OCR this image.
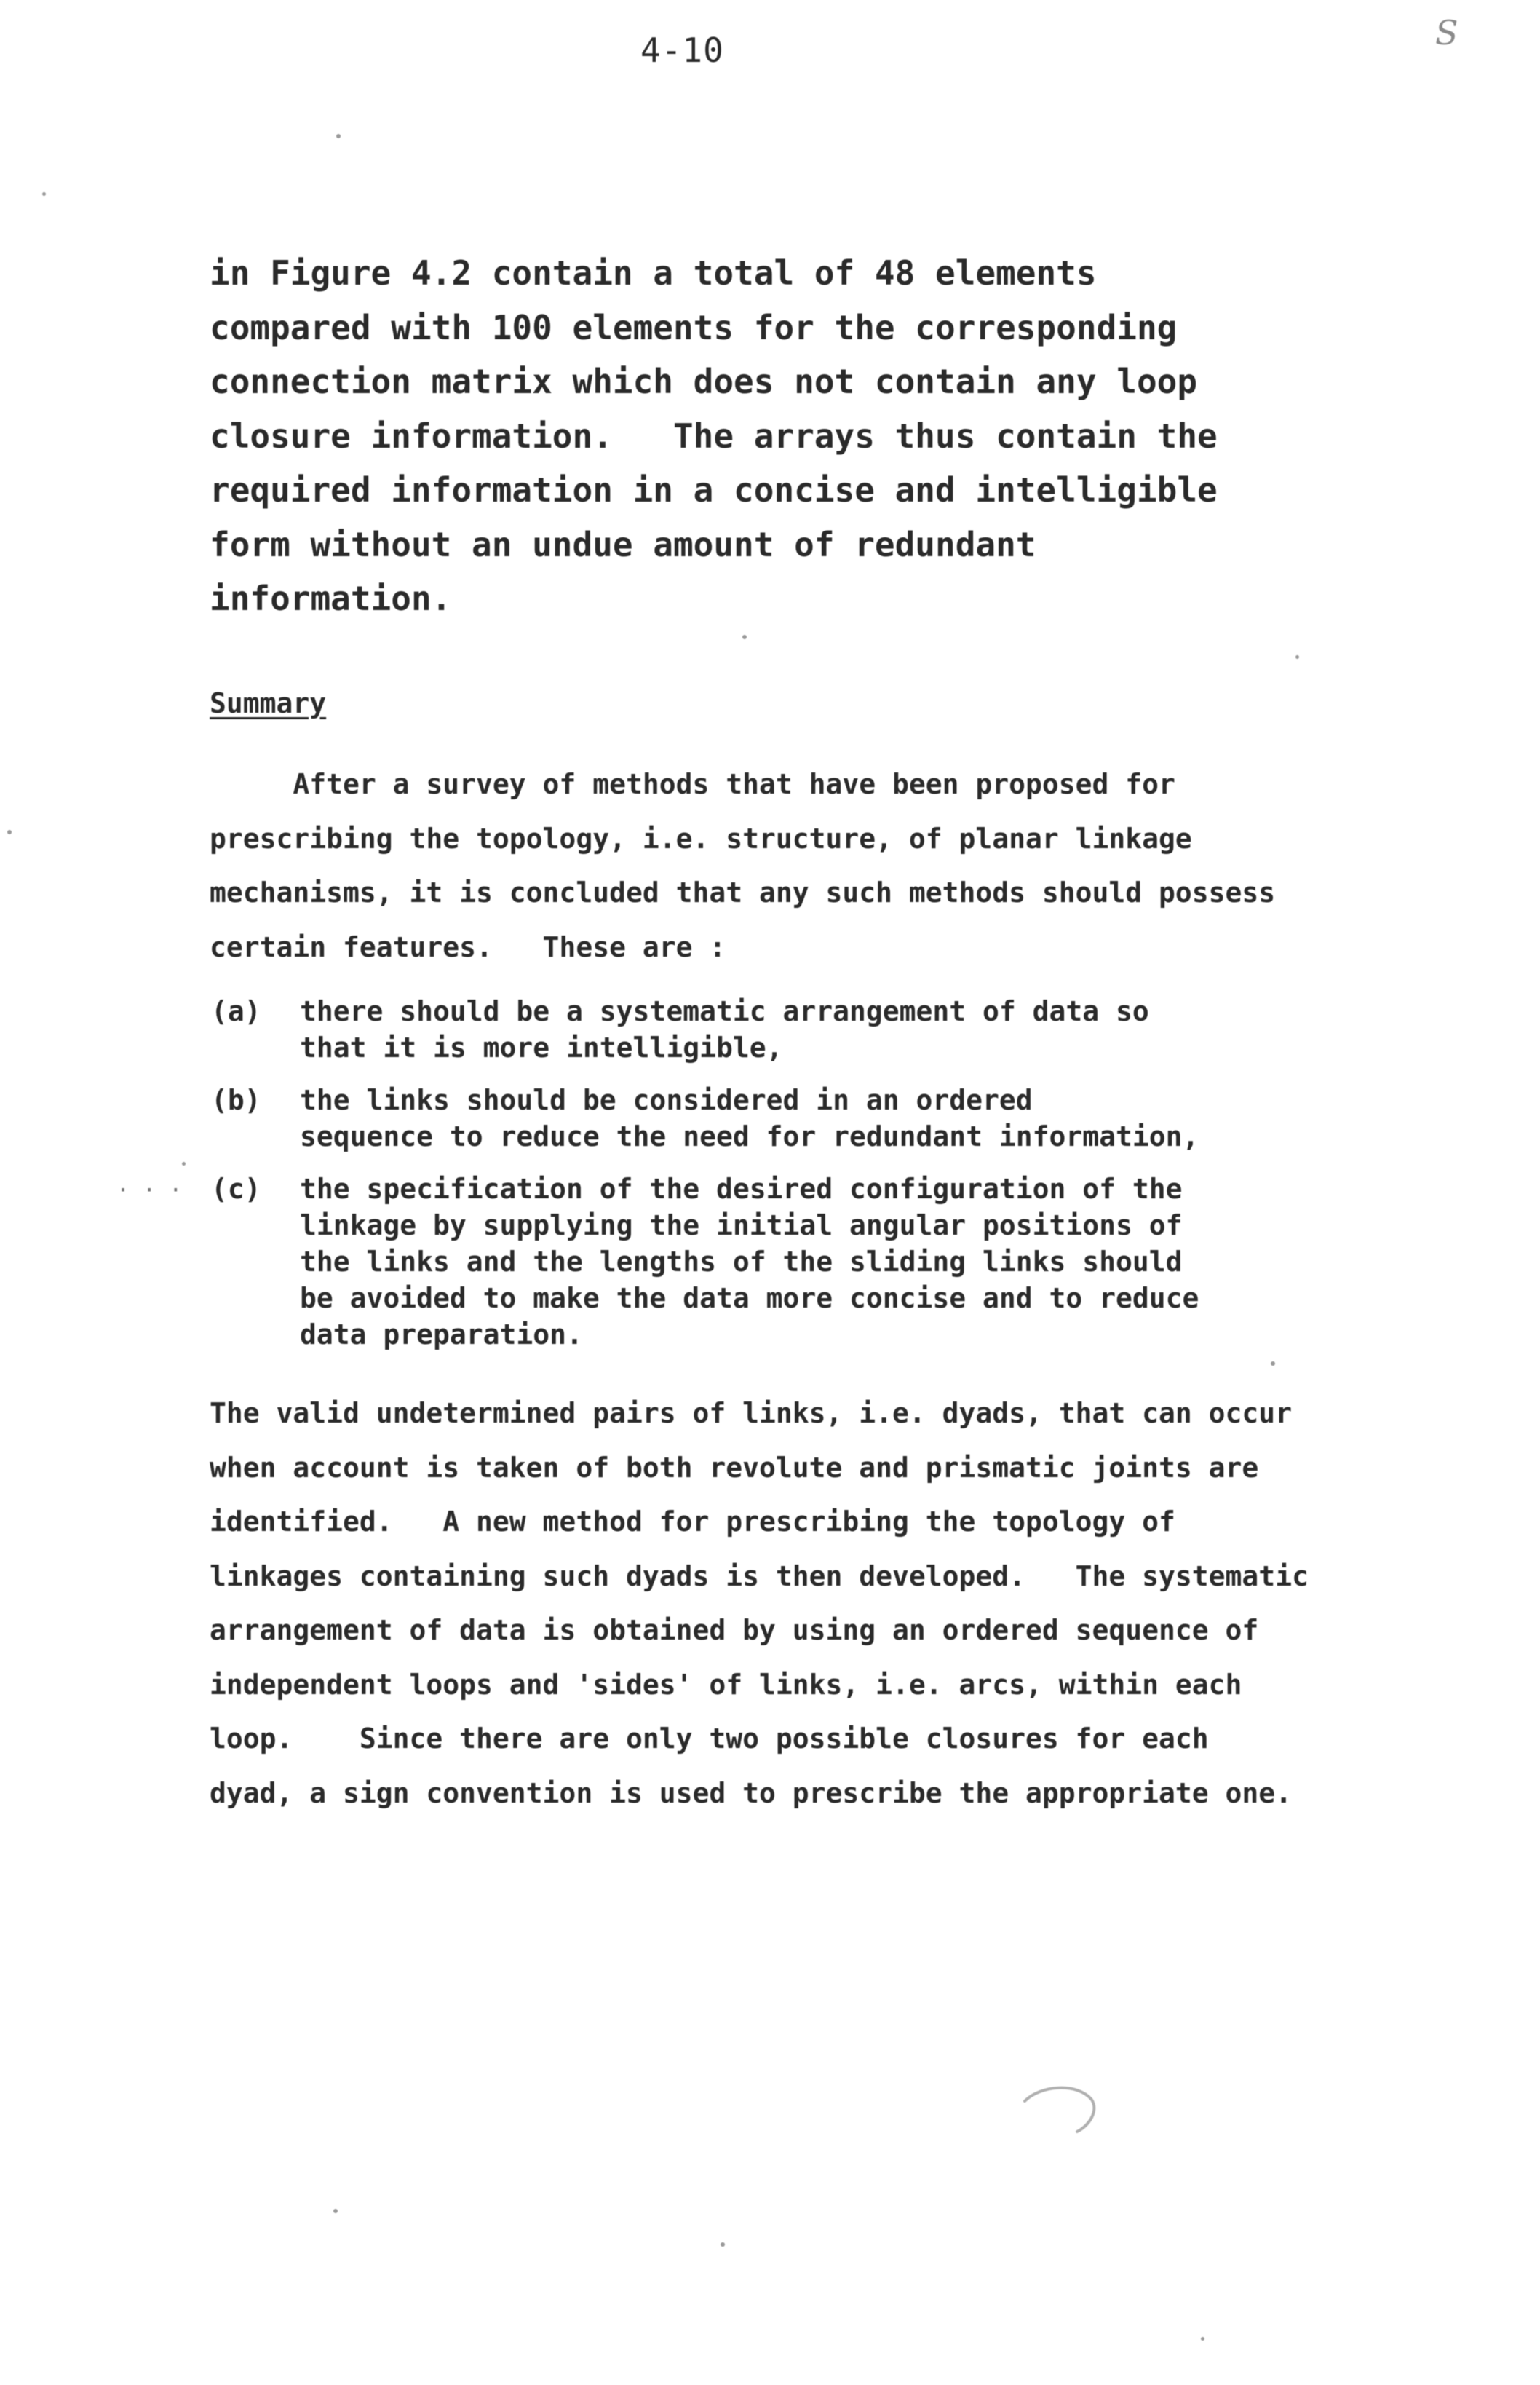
4-10	S
in Figure 4.2 contain a total of 48 elements
compared with 100 elements for the corresponding
connection matrix which does not contain any loop
closure information.   The arrays thus contain the
required information in a concise and intelligible
form without an undue amount of redundant
information.
Summary
After a survey of methods that have been proposed for
prescribing the topology, i.e. structure, of planar linkage
mechanisms, it is concluded that any such methods should possess
certain features.   These are :
(a) there should be a systematic arrangement of data so
that it is more intelligible,
(b) the links should be considered in an ordered
sequence to reduce the need for redundant information,
(c) the specification of the desired configuration of the
linkage by supplying the initial angular positions of
the links and the lengths of the sliding links should
be avoided to make the data more concise and to reduce
data preparation.
The valid undetermined pairs of links, i.e. dyads, that can occur
when account is taken of both revolute and prismatic joints are
identified.   A new method for prescribing the topology of
linkages containing such dyads is then developed.   The systematic
arrangement of data is obtained by using an ordered sequence of
independent loops and 'sides' of links, i.e. arcs, within each
loop.    Since there are only two possible closures for each
dyad, a sign convention is used to prescribe the appropriate one.
· · ·
